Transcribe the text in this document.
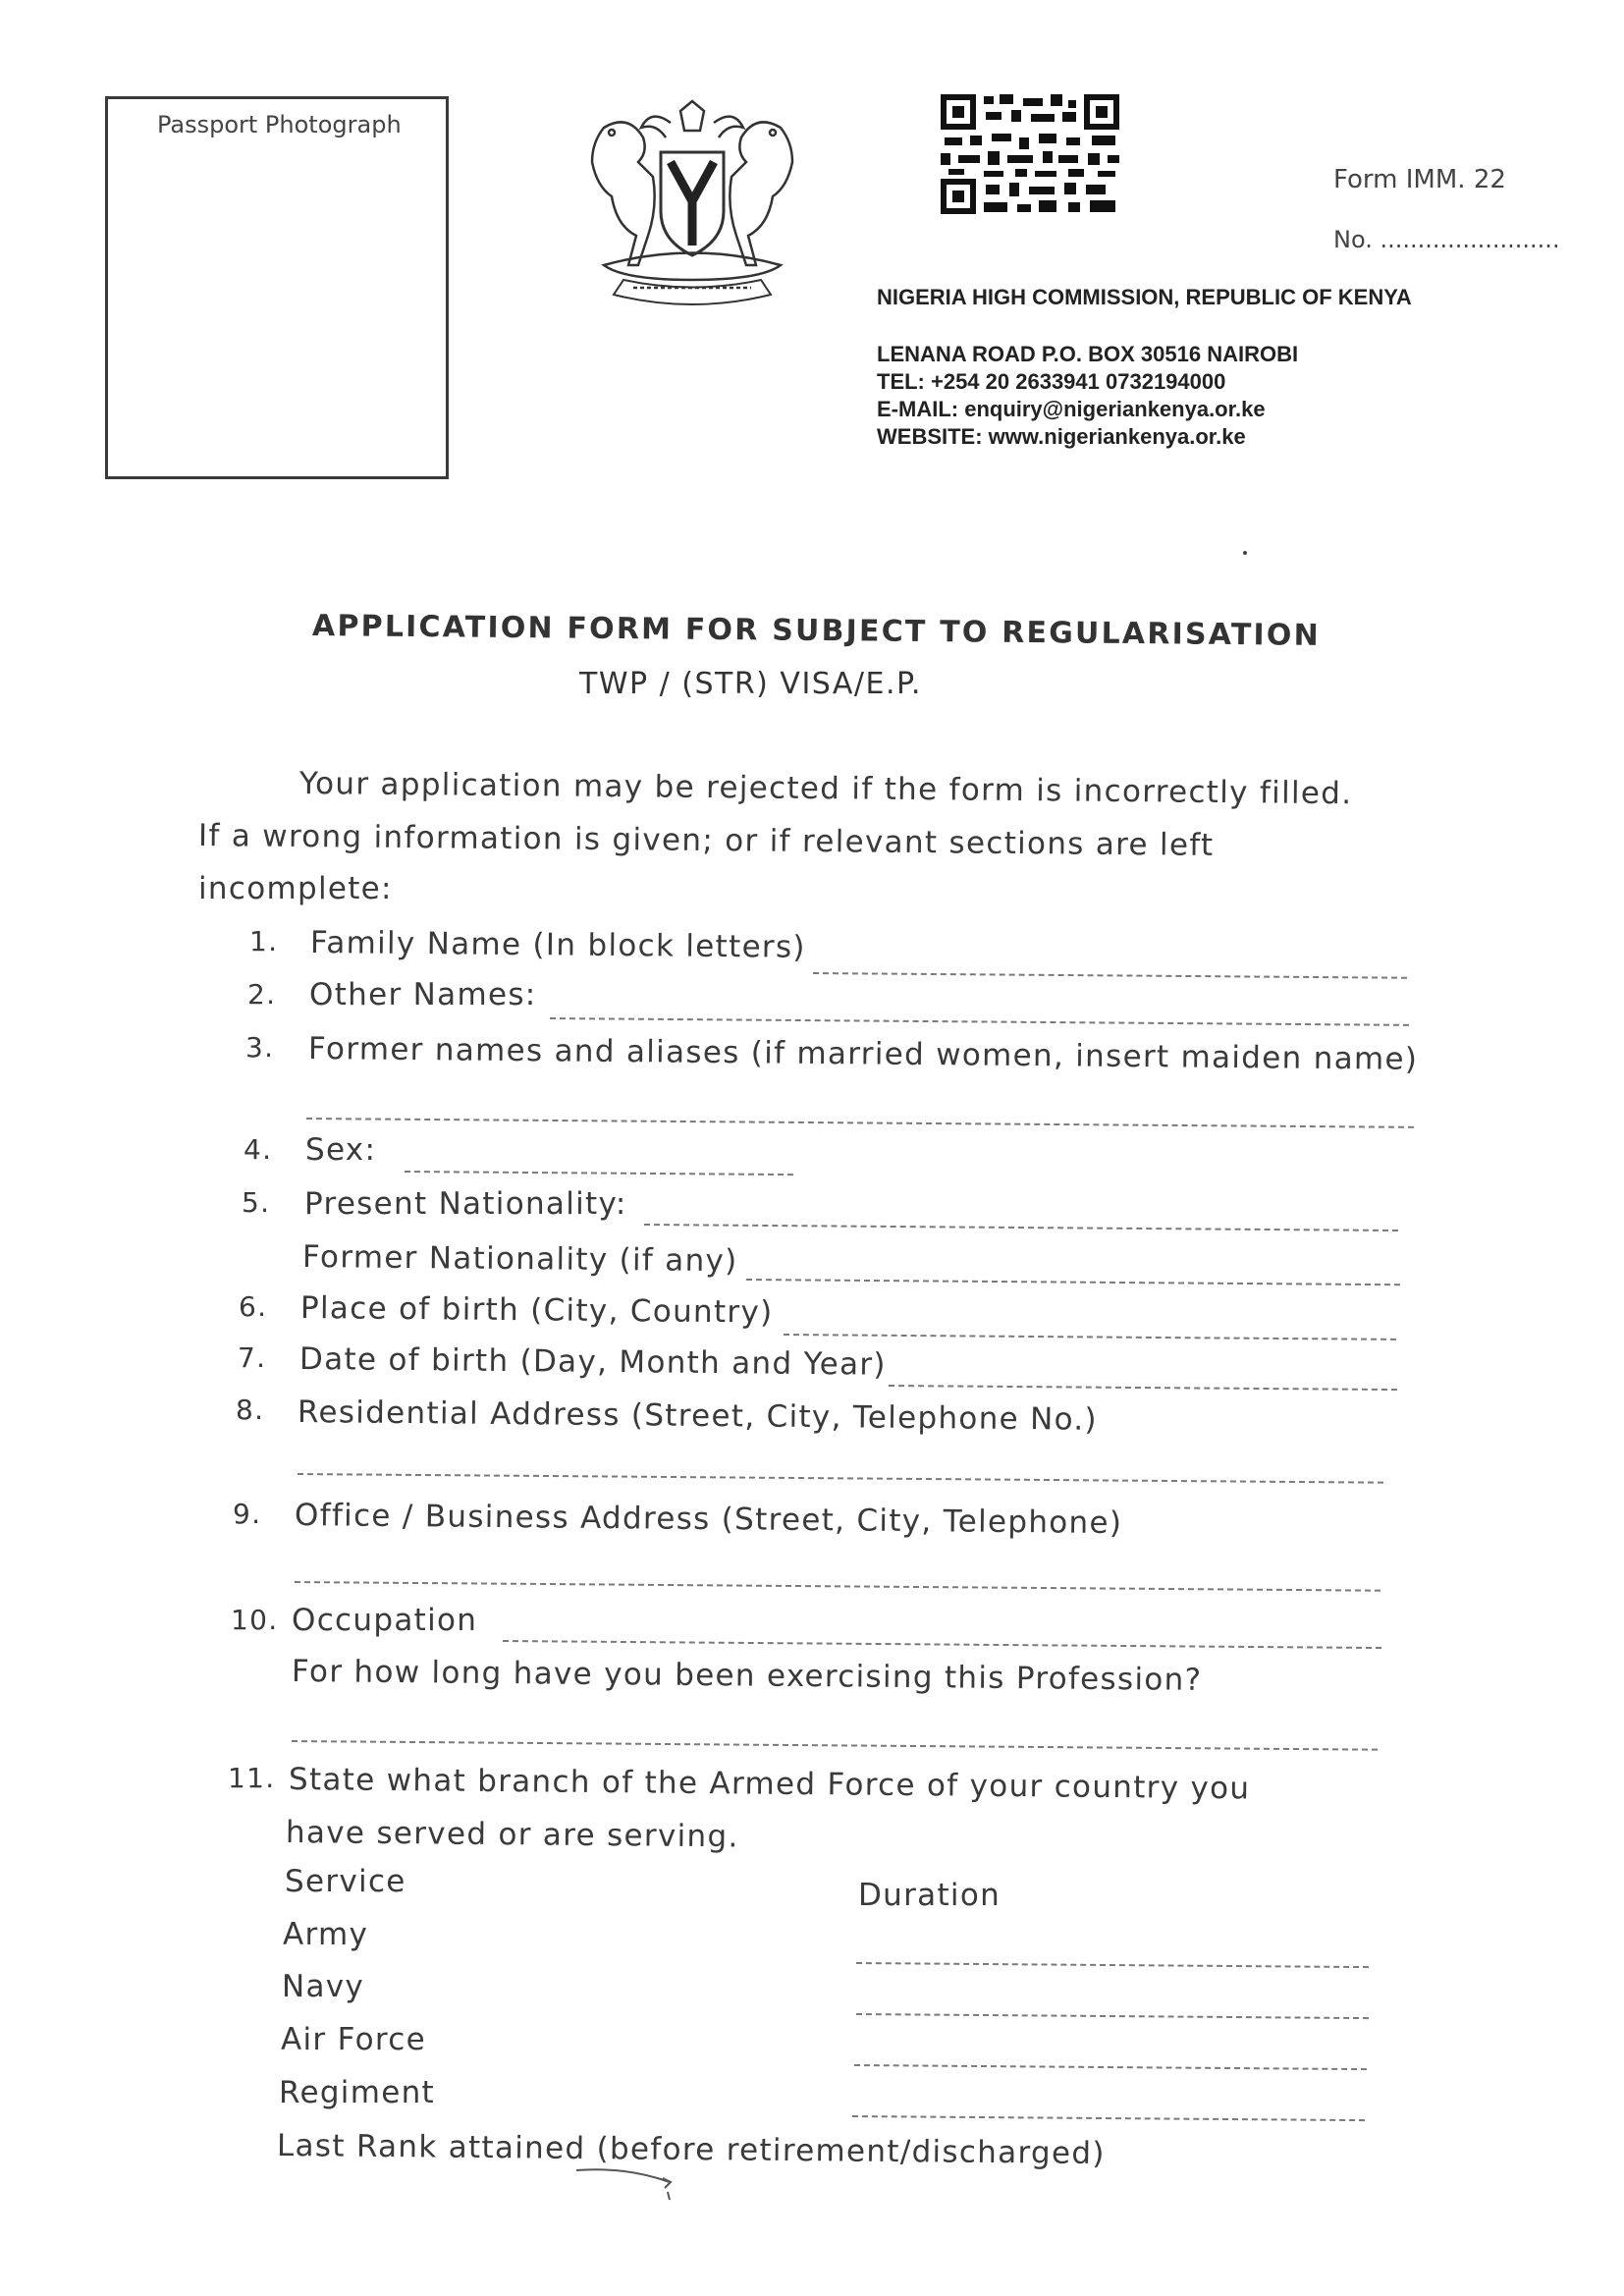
Passport Photograph
Form IMM. 22
No. ........................
NIGERIA HIGH COMMISSION, REPUBLIC OF KENYA
LENANA ROAD P.O. BOX 30516 NAIROBI
TEL: +254 20 2633941 0732194000
E-MAIL: enquiry@nigeriankenya.or.ke
WEBSITE: www.nigeriankenya.or.ke
APPLICATION FORM FOR SUBJECT TO REGULARISATION
TWP / (STR) VISA/E.P.
Your application may be rejected if the form is incorrectly filled.
If a wrong information is given; or if relevant sections are left
incomplete:
1. Family Name (In block letters)
2. Other Names:
3. Former names and aliases (if married women, insert maiden name)
4. Sex:
5. Present Nationality:
Former Nationality (if any)
6. Place of birth (City, Country)
7. Date of birth (Day, Month and Year)
8. Residential Address (Street, City, Telephone No.)
9. Office / Business Address (Street, City, Telephone)
10. Occupation
For how long have you been exercising this Profession?
11. State what branch of the Armed Force of your country you
have served or are serving.
Service	Duration
Army
Navy
Air Force
Regiment
Last Rank attained (before retirement/discharged)
